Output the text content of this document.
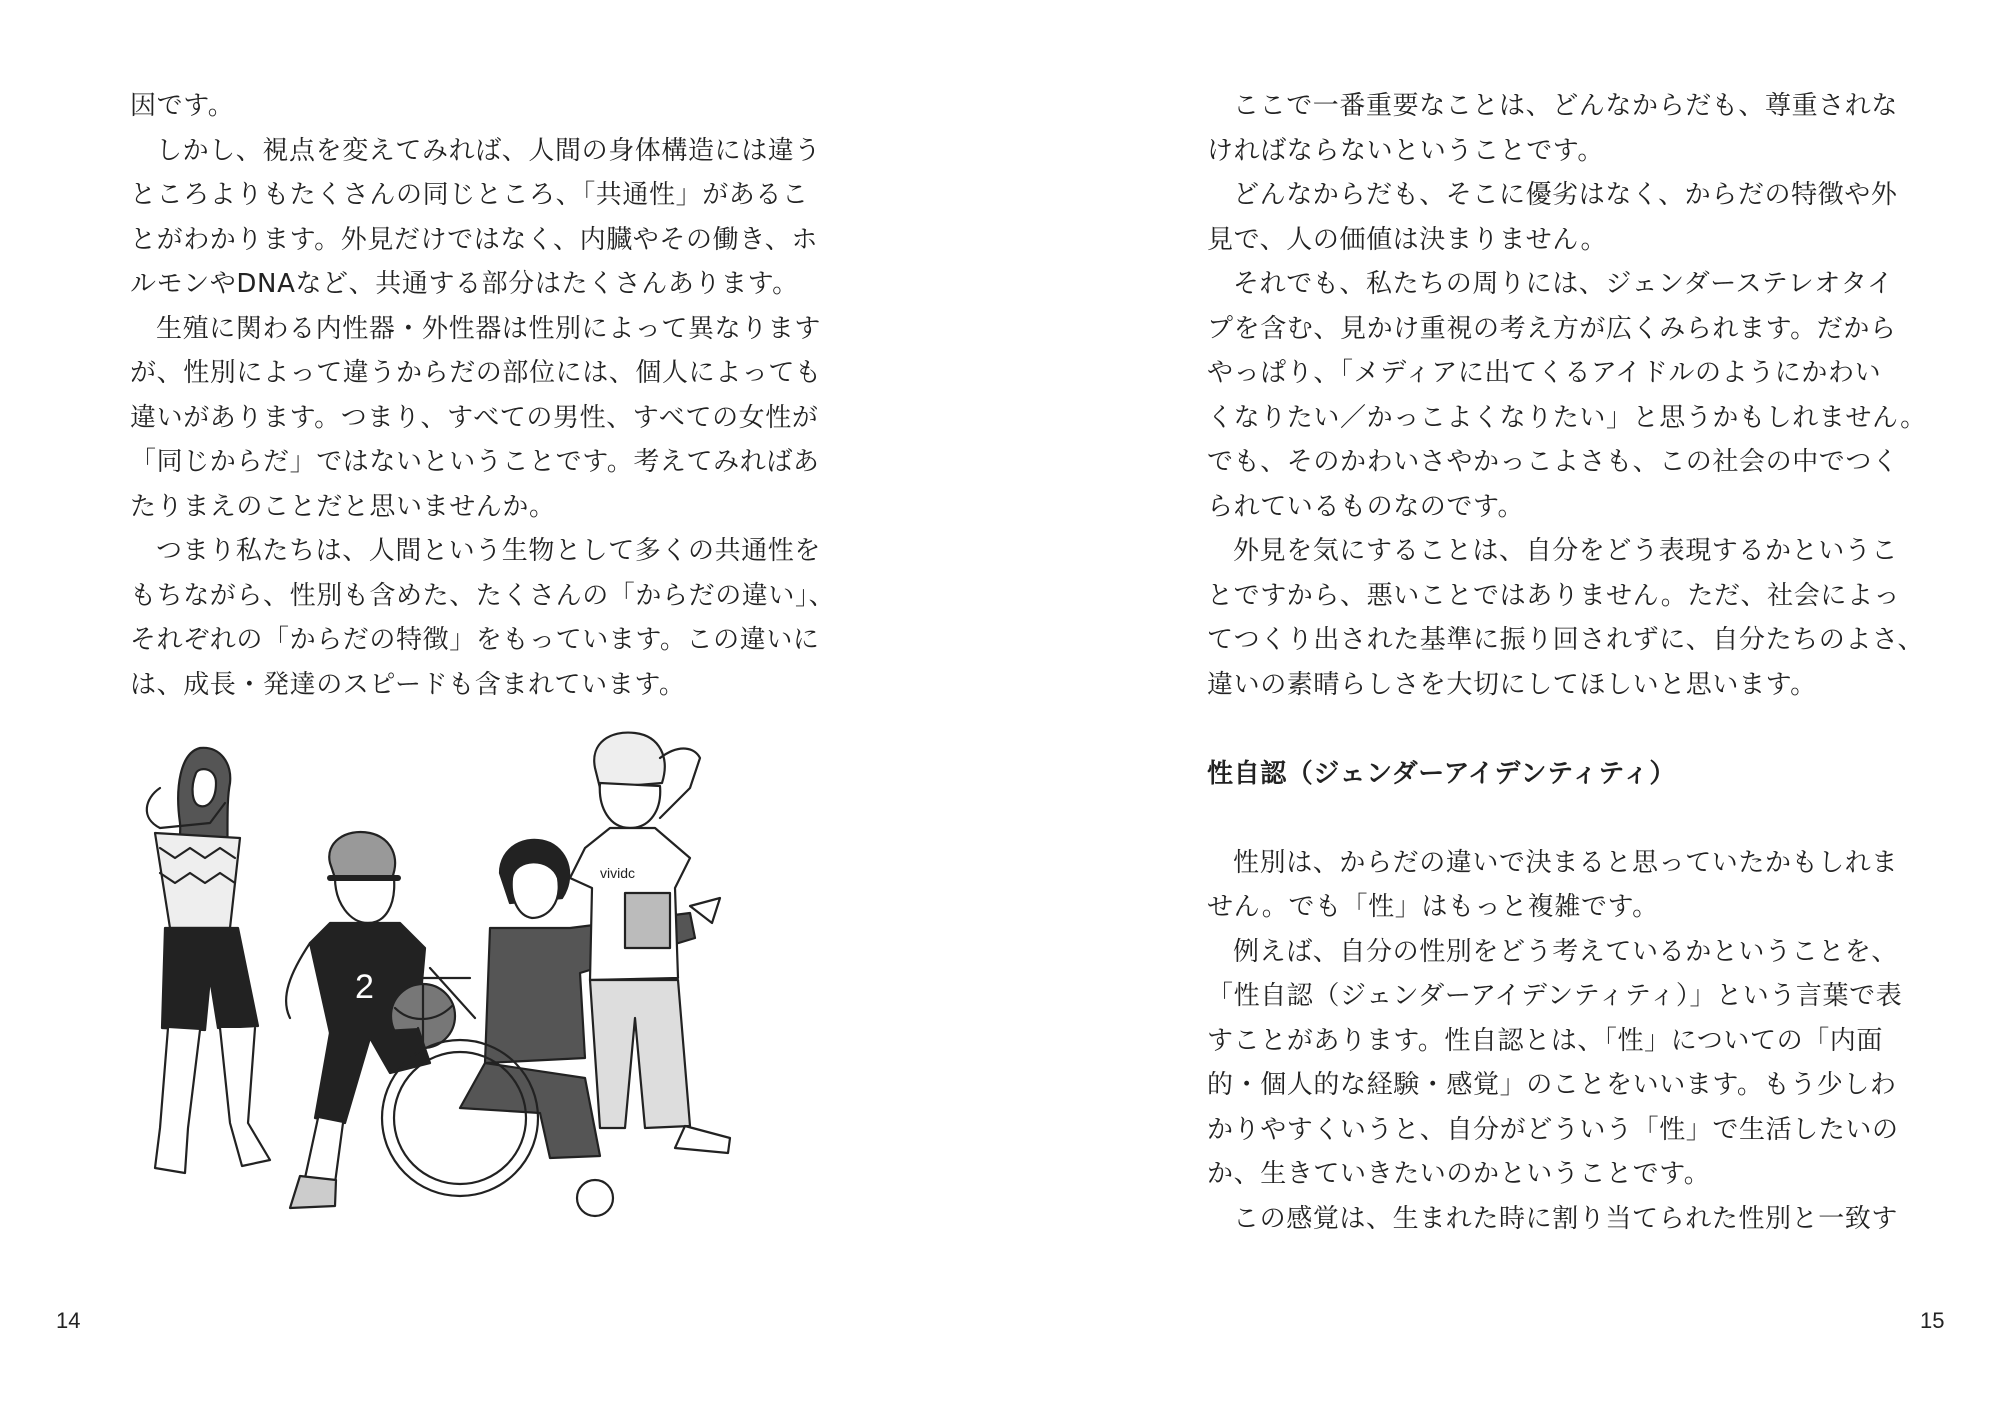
因です。
しかし、視点を変えてみれば、人間の身体構造には違う
ところよりもたくさんの同じところ、「共通性」があるこ
とがわかります。外見だけではなく、内臓やその働き、ホ
ルモンやDNAなど、共通する部分はたくさんあります。
生殖に関わる内性器・外性器は性別によって異なります
が、性別によって違うからだの部位には、個人によっても
違いがあります。つまり、すべての男性、すべての女性が
「同じからだ」ではないということです。考えてみればあ
たりまえのことだと思いませんか。
つまり私たちは、人間という生物として多くの共通性を
もちながら、性別も含めた、たくさんの「からだの違い」、
それぞれの「からだの特徴」をもっています。この違いに
は、成長・発達のスピードも含まれています。
2
vividc
14
ここで一番重要なことは、どんなからだも、尊重されな
ければならないということです。
どんなからだも、そこに優劣はなく、からだの特徴や外
見で、人の価値は決まりません。
それでも、私たちの周りには、ジェンダーステレオタイ
プを含む、見かけ重視の考え方が広くみられます。だから
やっぱり、「メディアに出てくるアイドルのようにかわい
くなりたい／かっこよくなりたい」と思うかもしれません。
でも、そのかわいさやかっこよさも、この社会の中でつく
られているものなのです。
外見を気にすることは、自分をどう表現するかというこ
とですから、悪いことではありません。ただ、社会によっ
てつくり出された基準に振り回されずに、自分たちのよさ、
違いの素晴らしさを大切にしてほしいと思います。
性自認（ジェンダーアイデンティティ）
性別は、からだの違いで決まると思っていたかもしれま
せん。でも「性」はもっと複雑です。
例えば、自分の性別をどう考えているかということを、
「性自認（ジェンダーアイデンティティ）」という言葉で表
すことがあります。性自認とは、「性」についての「内面
的・個人的な経験・感覚」のことをいいます。もう少しわ
かりやすくいうと、自分がどういう「性」で生活したいの
か、生きていきたいのかということです。
この感覚は、生まれた時に割り当てられた性別と一致す
15
